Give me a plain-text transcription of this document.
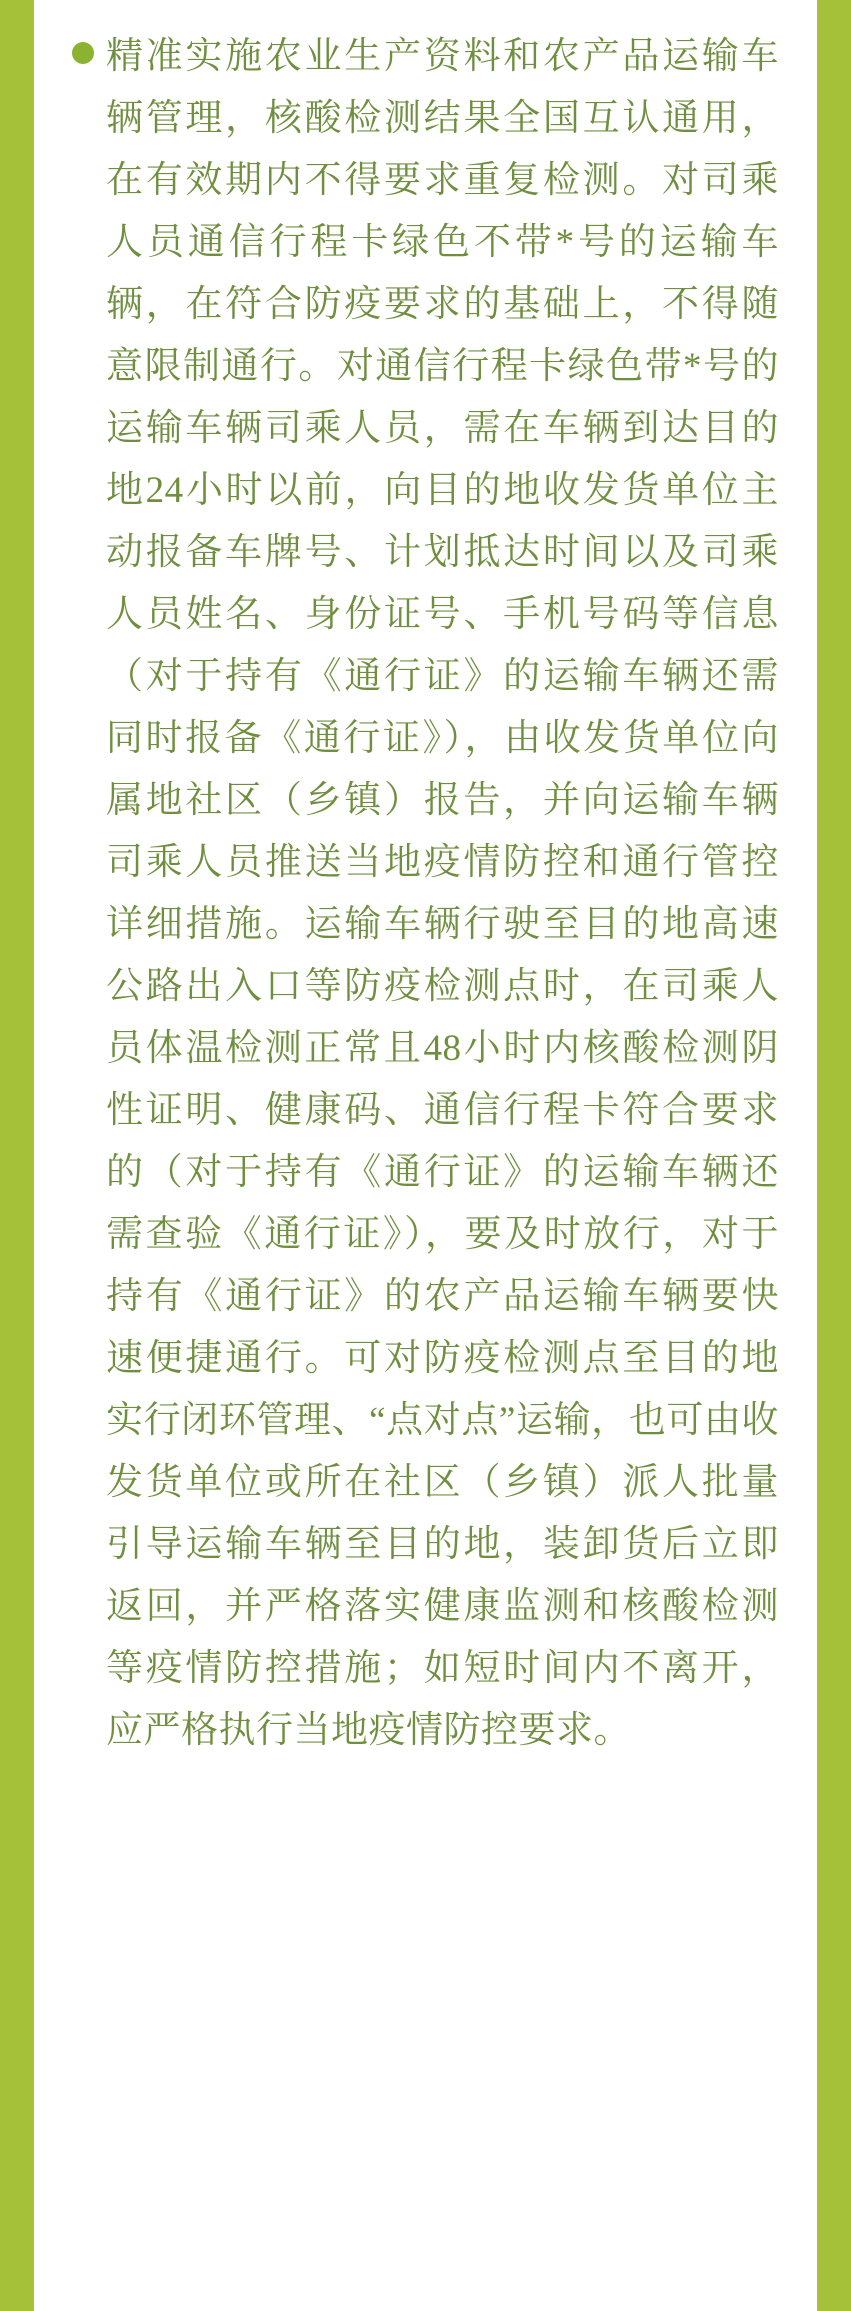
精准实施农业生产资料和农产品运输车辆管理，核酸检测结果全国互认通用，在有效期内不得要求重复检测。对司乘人员通信行程卡绿色不带*号的运输车辆，在符合防疫要求的基础上，不得随意限制通行。对通信行程卡绿色带*号的运输车辆司乘人员，需在车辆到达目的地24小时以前，向目的地收发货单位主动报备车牌号、计划抵达时间以及司乘人员姓名、身份证号、手机号码等信息（对于持有《通行证》的运输车辆还需同时报备《通行证》），由收发货单位向属地社区（乡镇）报告，并向运输车辆司乘人员推送当地疫情防控和通行管控详细措施。运输车辆行驶至目的地高速公路出入口等防疫检测点时，在司乘人员体温检测正常且48小时内核酸检测阴性证明、健康码、通信行程卡符合要求的（对于持有《通行证》的运输车辆还需查验《通行证》），要及时放行，对于持有《通行证》的农产品运输车辆要快速便捷通行。可对防疫检测点至目的地实行闭环管理、“点对点”运输，也可由收发货单位或所在社区（乡镇）派人批量引导运输车辆至目的地，装卸货后立即返回，并严格落实健康监测和核酸检测等疫情防控措施；如短时间内不离开，应严格执行当地疫情防控要求。
